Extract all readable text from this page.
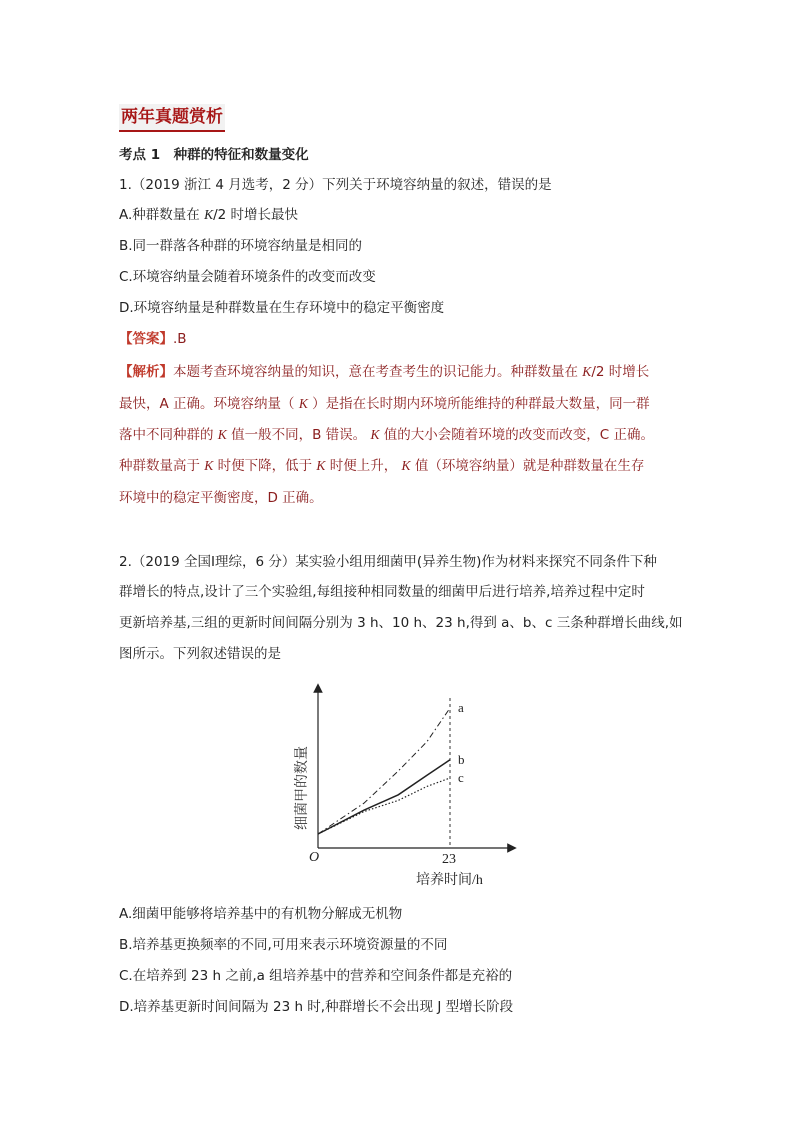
两年真题赏析
考点 1　种群的特征和数量变化
1.（2019 浙江 4 月选考，2 分）下列关于环境容纳量的叙述，错误的是
A.种群数量在 K/2 时增长最快
B.同一群落各种群的环境容纳量是相同的
C.环境容纳量会随着环境条件的改变而改变
D.环境容纳量是种群数量在生存环境中的稳定平衡密度
【答案】.B
【解析】本题考查环境容纳量的知识，意在考查考生的识记能力。种群数量在 K/2 时增长
最快，A 正确。环境容纳量（ K ）是指在长时期内环境所能维持的种群最大数量，同一群
落中不同种群的 K 值一般不同，B 错误。 K 值的大小会随着环境的改变而改变，C 正确。
种群数量高于 K 时便下降，低于 K 时便上升， K 值（环境容纳量）就是种群数量在生存
环境中的稳定平衡密度，D 正确。
2.（2019 全国Ⅰ理综，6 分）某实验小组用细菌甲(异养生物)作为材料来探究不同条件下种
群增长的特点,设计了三个实验组,每组接种相同数量的细菌甲后进行培养,培养过程中定时
更新培养基,三组的更新时间间隔分别为 3 h、10 h、23 h,得到 a、b、c 三条种群增长曲线,如
图所示。下列叙述错误的是
a
b
c
O	23
培养时间/h
细菌甲的数量
A.细菌甲能够将培养基中的有机物分解成无机物
B.培养基更换频率的不同,可用来表示环境资源量的不同
C.在培养到 23 h 之前,a 组培养基中的营养和空间条件都是充裕的
D.培养基更新时间间隔为 23 h 时,种群增长不会出现 J 型增长阶段
